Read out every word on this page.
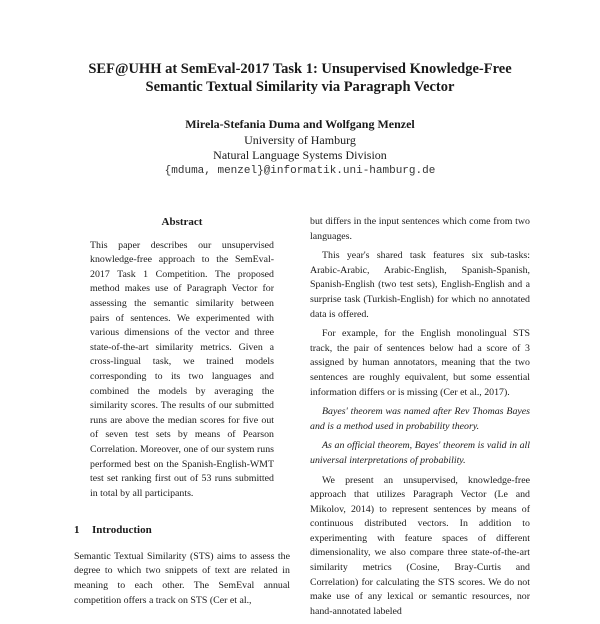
SEF@UHH at SemEval-2017 Task 1: Unsupervised Knowledge-Free
Semantic Textual Similarity via Paragraph Vector
Mirela-Stefania Duma and Wolfgang Menzel
University of Hamburg
Natural Language Systems Division
{mduma, menzel}@informatik.uni-hamburg.de
Abstract

This paper describes our unsupervised knowledge-free approach to the SemEval-2017 Task 1 Competition. The proposed method makes use of Paragraph Vector for assessing the semantic similarity between pairs of sentences. We experimented with various dimensions of the vector and three state-of-the-art similarity metrics. Given a cross-lingual task, we trained models corresponding to its two languages and combined the models by averaging the similarity scores. The results of our submitted runs are above the median scores for five out of seven test sets by means of Pearson Correlation. Moreover, one of our system runs performed best on the Spanish-English-WMT test set ranking first out of 53 runs submitted in total by all participants.

1	Introduction

Semantic Textual Similarity (STS) aims to assess the degree to which two snippets of text are related in meaning to each other. The SemEval annual competition offers a track on STS (Cer et al.,

but differs in the input sentences which come from two languages.

This year's shared task features six sub-tasks: Arabic-Arabic, Arabic-English, Spanish-Spanish, Spanish-English (two test sets), English-English and a surprise task (Turkish-English) for which no annotated data is offered.

For example, for the English monolingual STS track, the pair of sentences below had a score of 3 assigned by human annotators, meaning that the two sentences are roughly equivalent, but some essential information differs or is missing (Cer et al., 2017).

Bayes' theorem was named after Rev Thomas Bayes and is a method used in probability theory.

As an official theorem, Bayes' theorem is valid in all universal interpretations of probability.

We present an unsupervised, knowledge-free approach that utilizes Paragraph Vector (Le and Mikolov, 2014) to represent sentences by means of continuous distributed vectors. In addition to experimenting with feature spaces of different dimensionality, we also compare three state-of-the-art similarity metrics (Cosine, Bray-Curtis and Correlation) for calculating the STS scores. We do not make use of any lexical or semantic resources, nor hand-annotated labeled
